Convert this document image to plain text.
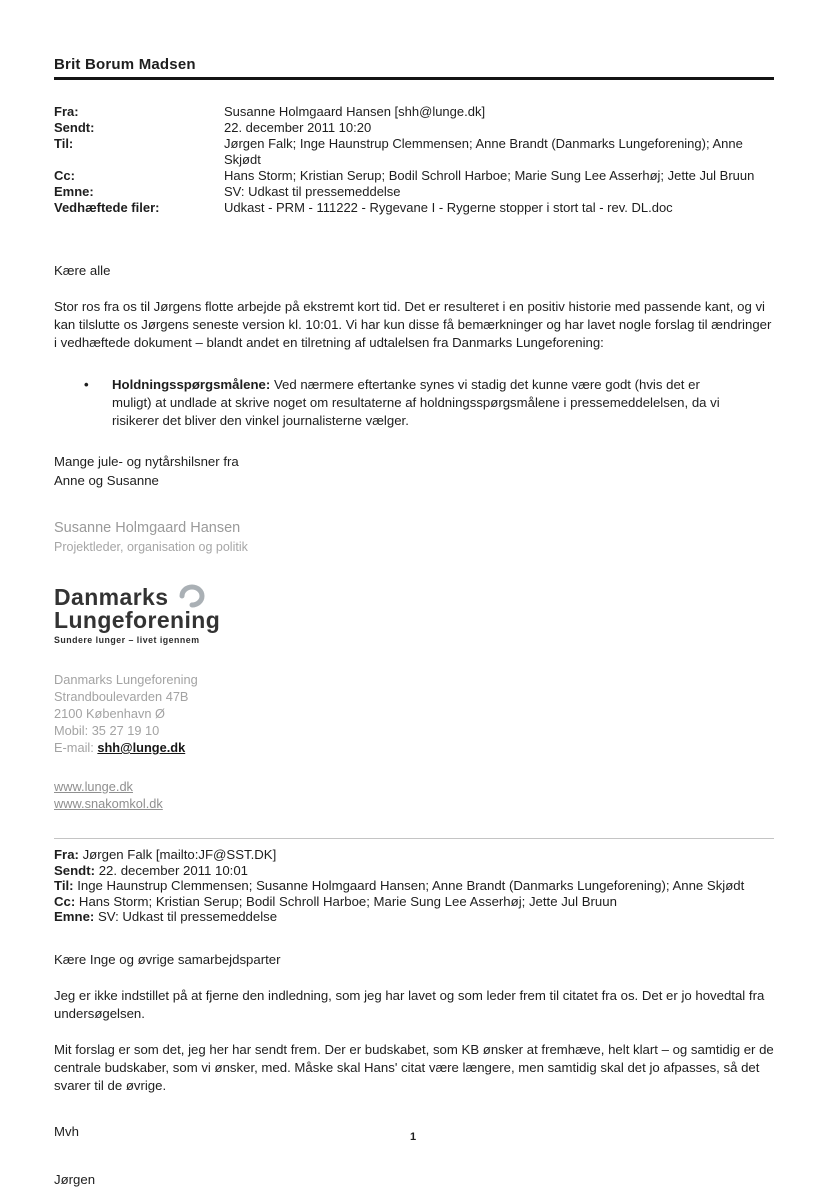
Brit Borum Madsen
Fra:	Susanne Holmgaard Hansen [shh@lunge.dk]
Sendt:	22. december 2011 10:20
Til:	Jørgen Falk; Inge Haunstrup Clemmensen; Anne Brandt (Danmarks Lungeforening); Anne Skjødt
Cc:	Hans Storm; Kristian Serup; Bodil Schroll Harboe; Marie Sung Lee Asserhøj; Jette Jul Bruun
Emne:	SV: Udkast til pressemeddelse
Vedhæftede filer:	Udkast - PRM - 111222 - Rygevane I - Rygerne stopper i stort tal - rev. DL.doc

Kære alle

Stor ros fra os til Jørgens flotte arbejde på ekstremt kort tid. Det er resulteret i en positiv historie med passende kant, og vi kan tilslutte os Jørgens seneste version kl. 10:01. Vi har kun disse få bemærkninger og har lavet nogle forslag til ændringer i vedhæftede dokument – blandt andet en tilretning af udtalelsen fra Danmarks Lungeforening:

•	Holdningsspørgsmålene: Ved nærmere eftertanke synes vi stadig det kunne være godt (hvis det er muligt) at undlade at skrive noget om resultaterne af holdningsspørgsmålene i pressemeddelelsen, da vi risikerer det bliver den vinkel journalisterne vælger.

Mange jule- og nytårshilsner fra
Anne og Susanne

Susanne Holmgaard Hansen
Projektleder, organisation og politik
Danmarks
Lungeforening
Sundere lunger – livet igennem
Danmarks Lungeforening
Strandboulevarden 47B
2100 København Ø
Mobil: 35 27 19 10
E-mail: shh@lunge.dk
www.lunge.dk
www.snakomkol.dk

Fra: Jørgen Falk [mailto:JF@SST.DK]

Sendt: 22. december 2011 10:01

Til: Inge Haunstrup Clemmensen; Susanne Holmgaard Hansen; Anne Brandt (Danmarks Lungeforening); Anne Skjødt

Cc: Hans Storm; Kristian Serup; Bodil Schroll Harboe; Marie Sung Lee Asserhøj; Jette Jul Bruun

Emne: SV: Udkast til pressemeddelse

Kære Inge og øvrige samarbejdsparter

Jeg er ikke indstillet på at fjerne den indledning, som jeg har lavet og som leder frem til citatet fra os. Det er jo hovedtal fra undersøgelsen.

Mit forslag er som det, jeg her har sendt frem. Der er budskabet, som KB ønsker at fremhæve, helt klart – og samtidig er de centrale budskaber, som vi ønsker, med. Måske skal Hans' citat være længere, men samtidig skal det jo afpasses, så det svarer til de øvrige.

Mvh

Jørgen

1
